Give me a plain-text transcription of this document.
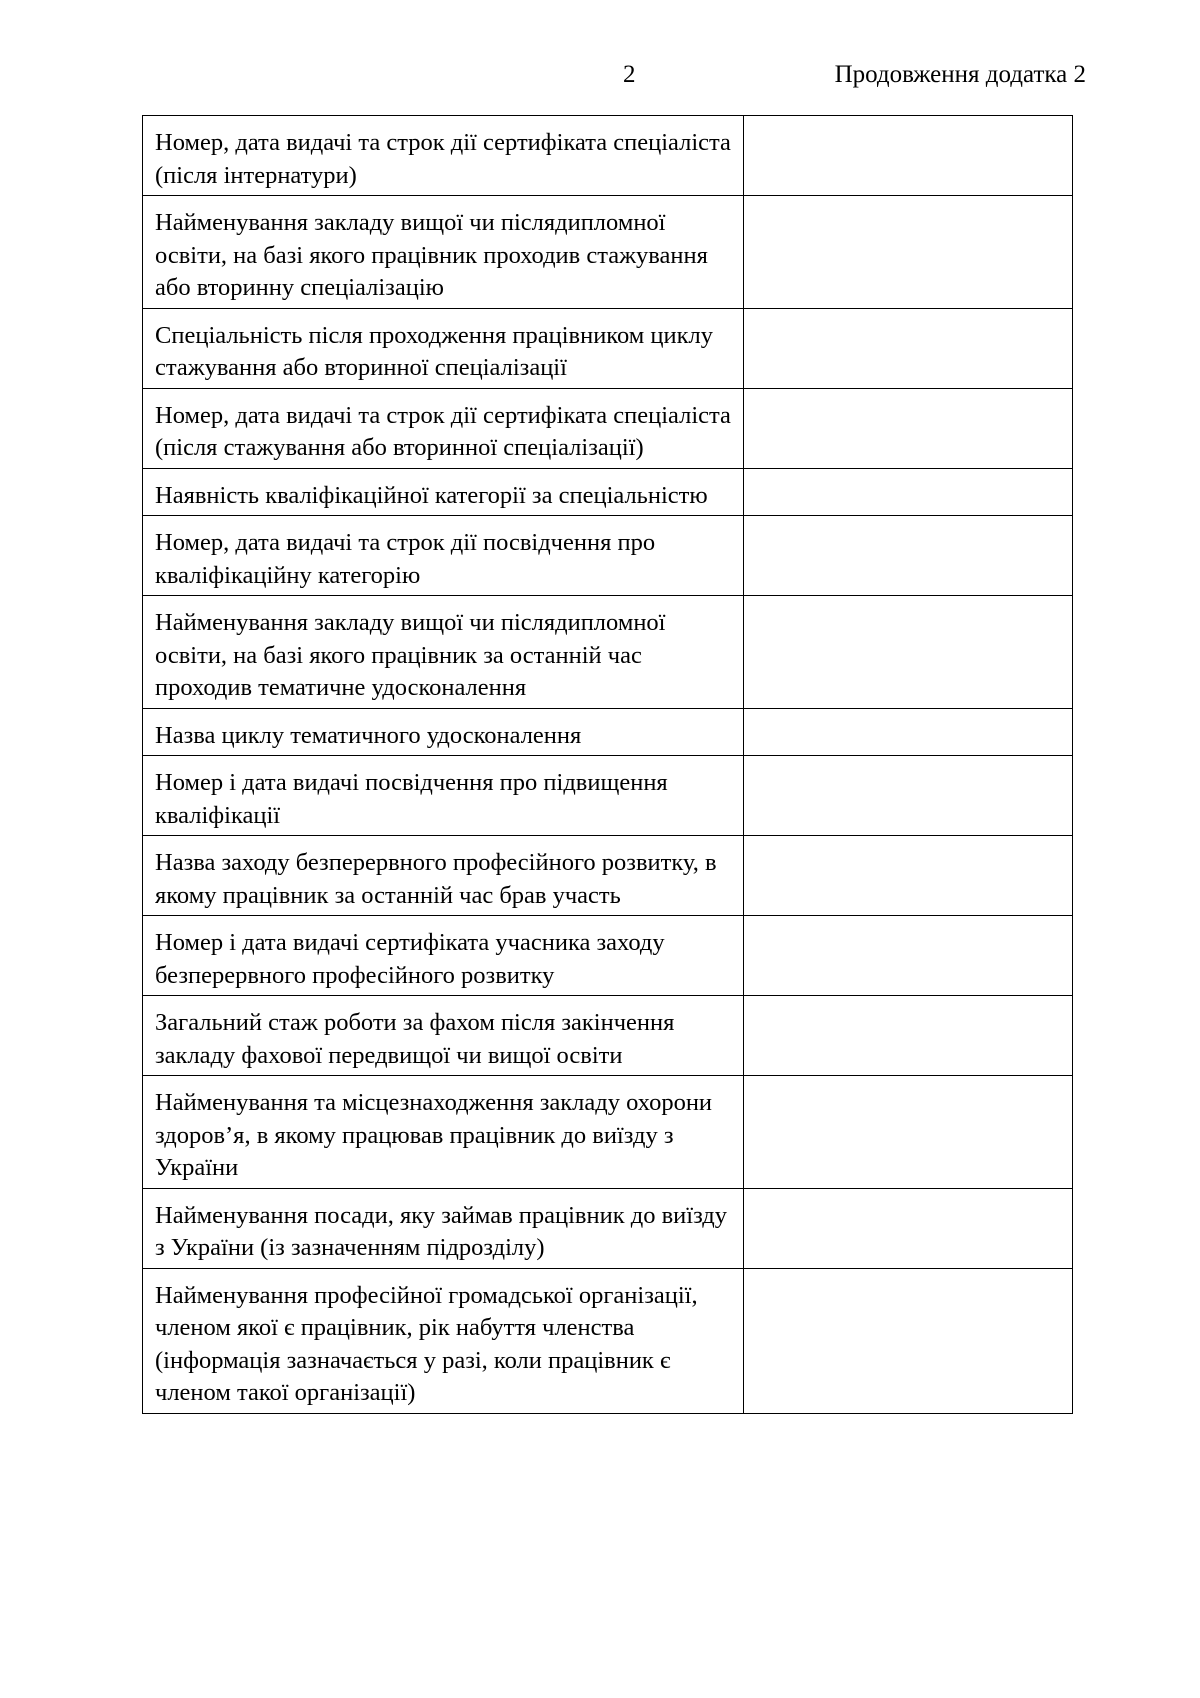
2	Продовження додатка 2
Номер, дата видачі та строк дії сертифіката спеціаліста (після інтернатури)	
Найменування закладу вищої чи післядипломної освіти, на базі якого працівник проходив стажування або вторинну спеціалізацію	
Спеціальність після проходження працівником циклу стажування або вторинної спеціалізації	
Номер, дата видачі та строк дії сертифіката спеціаліста (після стажування або вторинної спеціалізації)	
Наявність кваліфікаційної категорії за спеціальністю	
Номер, дата видачі та строк дії посвідчення про кваліфікаційну категорію	
Найменування закладу вищої чи післядипломної освіти, на базі якого працівник за останній час проходив тематичне удосконалення	
Назва циклу тематичного удосконалення	
Номер і дата видачі посвідчення про підвищення кваліфікації	
Назва заходу безперервного професійного розвитку, в якому працівник за останній час брав участь	
Номер і дата видачі сертифіката учасника заходу безперервного професійного розвитку	
Загальний стаж роботи за фахом після закінчення закладу фахової передвищої чи вищої освіти	
Найменування та місцезнаходження закладу охорони здоров’я, в якому працював працівник до виїзду з України	
Найменування посади, яку займав працівник до виїзду з України (із зазначенням підрозділу)	
Найменування професійної громадської організації, членом якої є працівник, рік набуття членства (інформація зазначається у разі, коли працівник є членом такої організації)	
